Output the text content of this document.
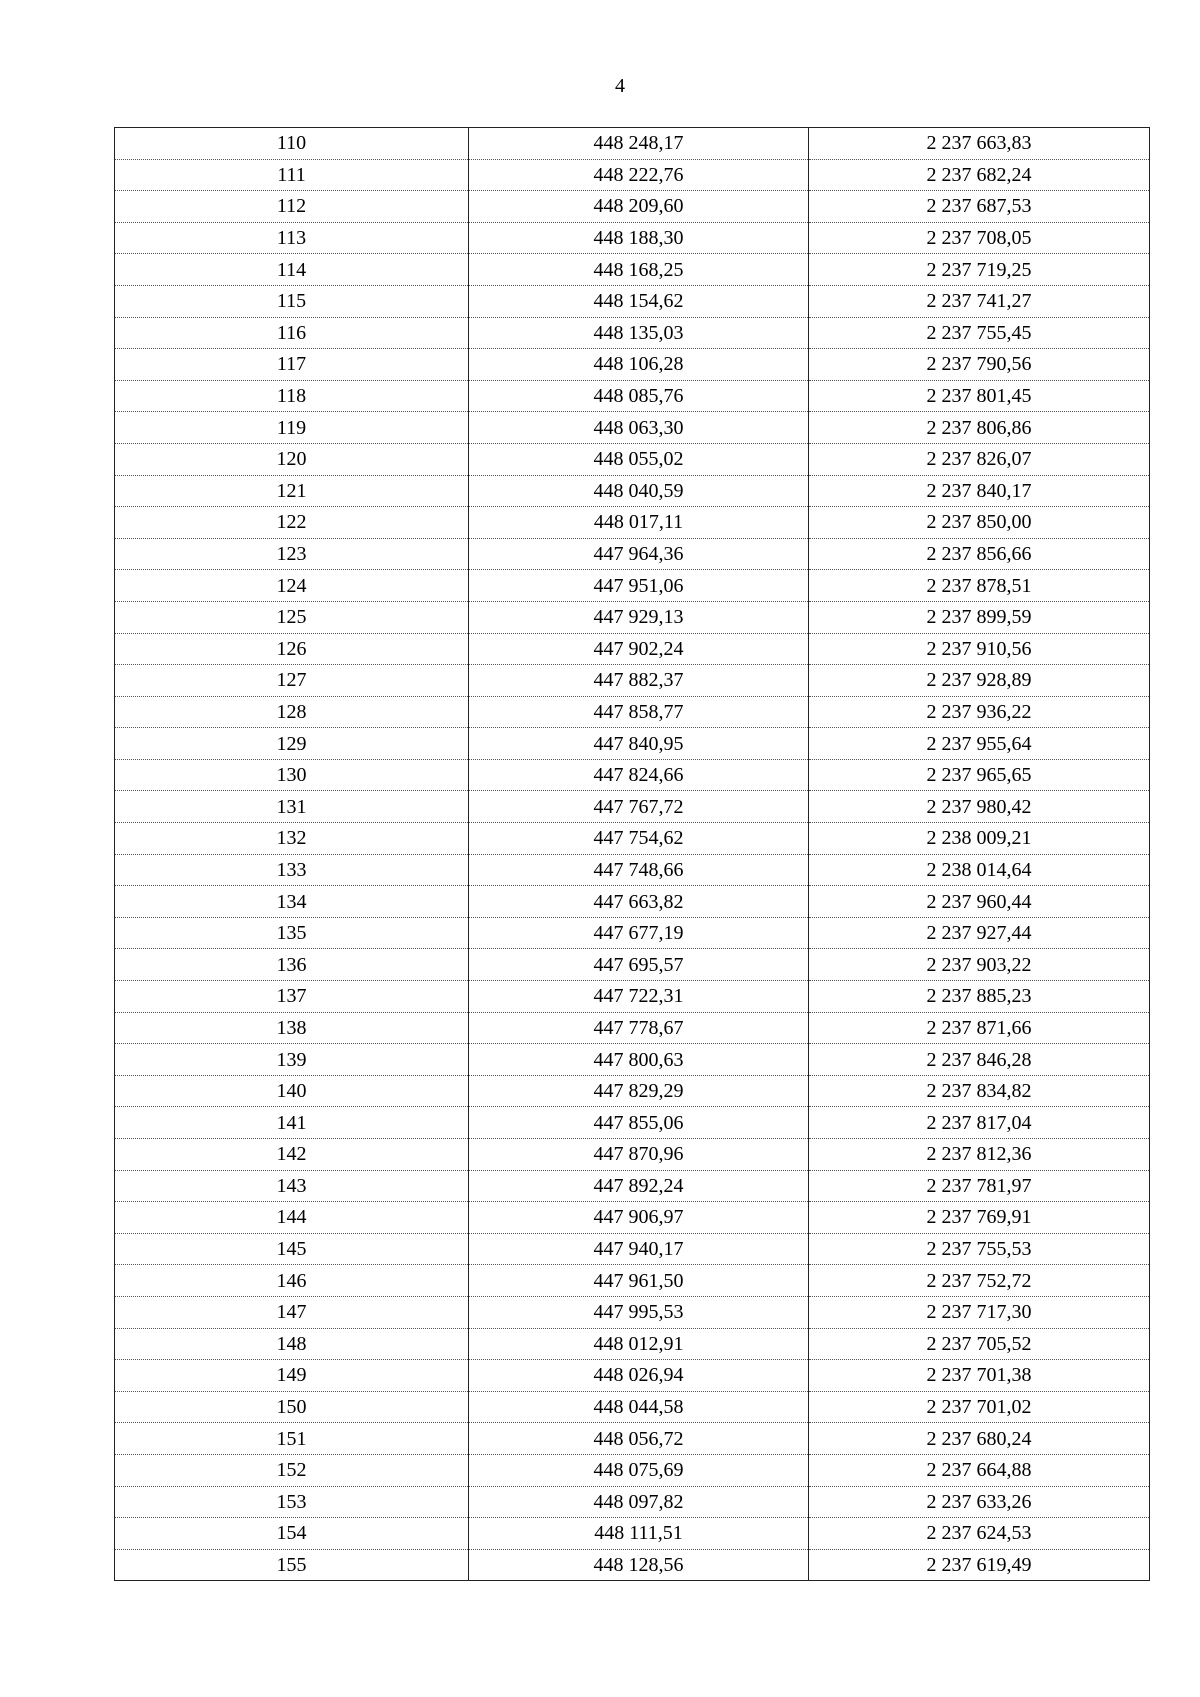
4
110	448 248,17	2 237 663,83
111	448 222,76	2 237 682,24
112	448 209,60	2 237 687,53
113	448 188,30	2 237 708,05
114	448 168,25	2 237 719,25
115	448 154,62	2 237 741,27
116	448 135,03	2 237 755,45
117	448 106,28	2 237 790,56
118	448 085,76	2 237 801,45
119	448 063,30	2 237 806,86
120	448 055,02	2 237 826,07
121	448 040,59	2 237 840,17
122	448 017,11	2 237 850,00
123	447 964,36	2 237 856,66
124	447 951,06	2 237 878,51
125	447 929,13	2 237 899,59
126	447 902,24	2 237 910,56
127	447 882,37	2 237 928,89
128	447 858,77	2 237 936,22
129	447 840,95	2 237 955,64
130	447 824,66	2 237 965,65
131	447 767,72	2 237 980,42
132	447 754,62	2 238 009,21
133	447 748,66	2 238 014,64
134	447 663,82	2 237 960,44
135	447 677,19	2 237 927,44
136	447 695,57	2 237 903,22
137	447 722,31	2 237 885,23
138	447 778,67	2 237 871,66
139	447 800,63	2 237 846,28
140	447 829,29	2 237 834,82
141	447 855,06	2 237 817,04
142	447 870,96	2 237 812,36
143	447 892,24	2 237 781,97
144	447 906,97	2 237 769,91
145	447 940,17	2 237 755,53
146	447 961,50	2 237 752,72
147	447 995,53	2 237 717,30
148	448 012,91	2 237 705,52
149	448 026,94	2 237 701,38
150	448 044,58	2 237 701,02
151	448 056,72	2 237 680,24
152	448 075,69	2 237 664,88
153	448 097,82	2 237 633,26
154	448 111,51	2 237 624,53
155	448 128,56	2 237 619,49
